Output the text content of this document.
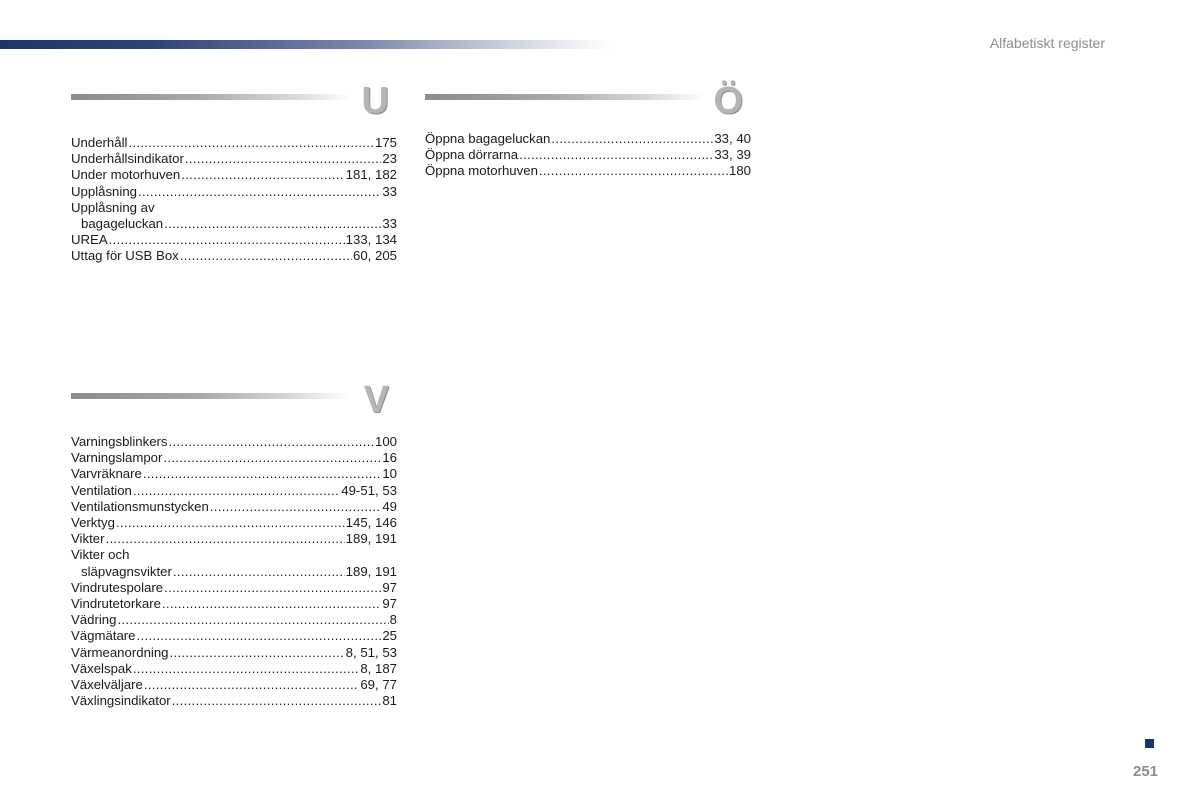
Alfabetiskt register
U
Underhåll .....	175
Underhållsindikator .....	23
Under motorhuven .....	181, 182
Upplåsning .....	33
Upplåsning av
bagageluckan .....	33
UREA .....	133, 134
Uttag för USB Box .....	60, 205
V
Varningsblinkers .....	100
Varningslampor .....	16
Varvräknare .....	10
Ventilation .....	49-51, 53
Ventilationsmunstycken .....	49
Verktyg .....	145, 146
Vikter .....	189, 191
Vikter och
släpvagnsvikter .....	189, 191
Vindrutespolare .....	97
Vindrutetorkare .....	97
Vädring .....	8
Vägmätare .....	25
Värmeanordning .....	8, 51, 53
Växelspak .....	8, 187
Växelväljare .....	69, 77
Växlingsindikator .....	81
Ö
Öppna bagageluckan .....	33, 40
Öppna dörrarna .....	33, 39
Öppna motorhuven .....	180
251
